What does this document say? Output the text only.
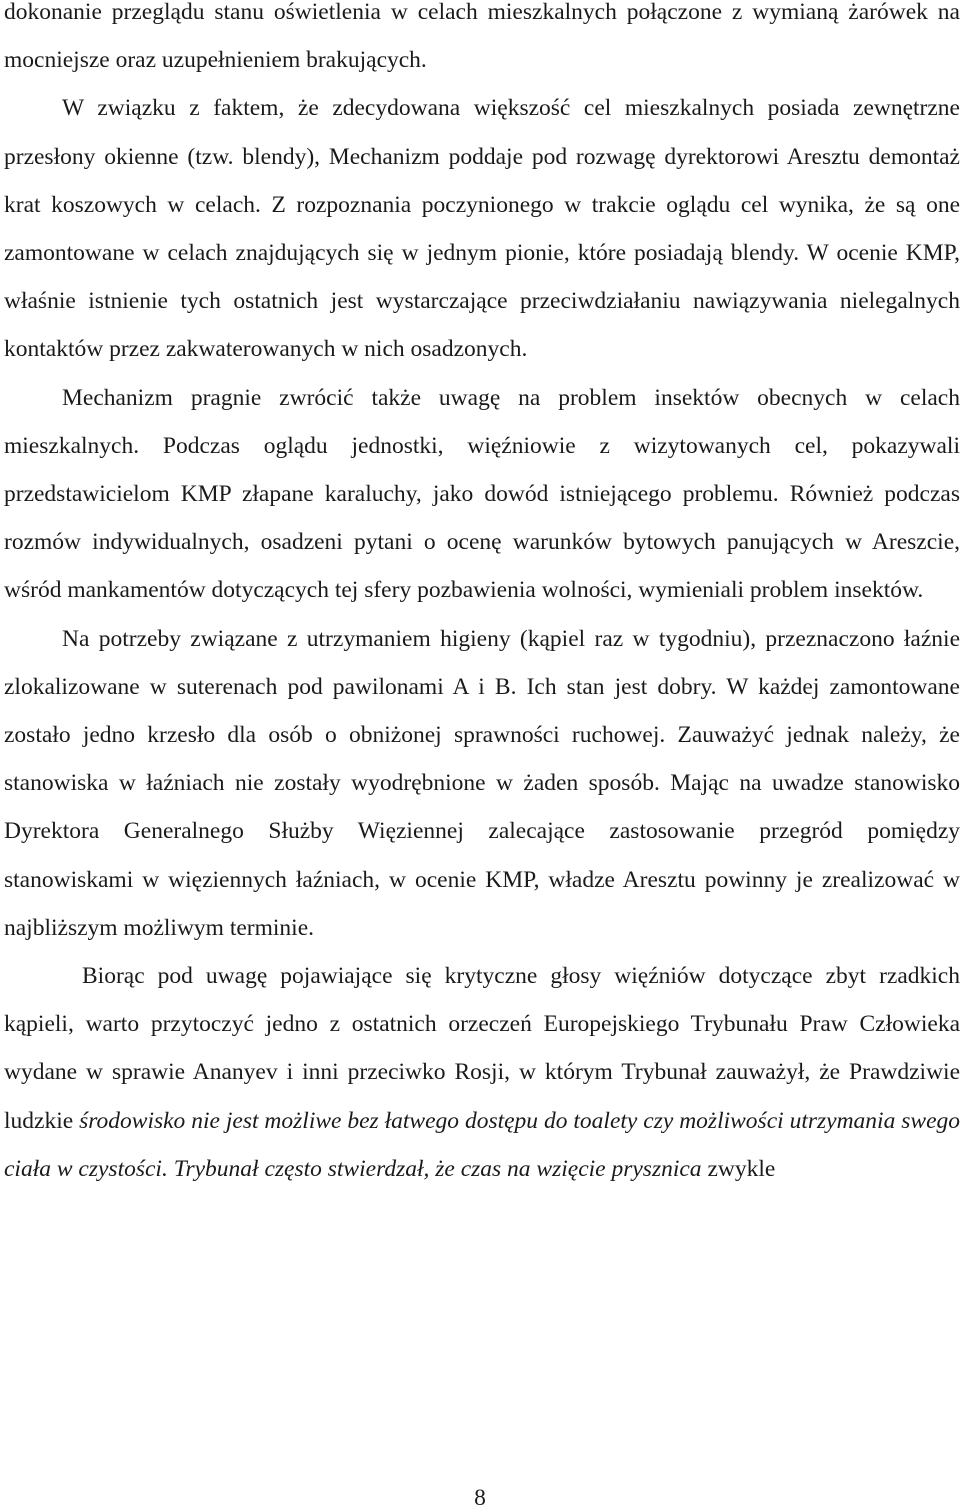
dokonanie przeglądu stanu oświetlenia w celach mieszkalnych połączone z wymianą żarówek na mocniejsze oraz uzupełnieniem brakujących.

W związku z faktem, że zdecydowana większość cel mieszkalnych posiada zewnętrzne przesłony okienne (tzw. blendy), Mechanizm poddaje pod rozwagę dyrektorowi Aresztu demontaż krat koszowych w celach. Z rozpoznania poczynionego w trakcie oglądu cel wynika, że są one zamontowane w celach znajdujących się w jednym pionie, które posiadają blendy. W ocenie KMP, właśnie istnienie tych ostatnich jest wystarczające przeciwdziałaniu nawiązywania nielegalnych kontaktów przez zakwaterowanych w nich osadzonych.

Mechanizm pragnie zwrócić także uwagę na problem insektów obecnych w celach mieszkalnych. Podczas oglądu jednostki, więźniowie z wizytowanych cel, pokazywali przedstawicielom KMP złapane karaluchy, jako dowód istniejącego problemu. Również podczas rozmów indywidualnych, osadzeni pytani o ocenę warunków bytowych panujących w Areszcie, wśród mankamentów dotyczących tej sfery pozbawienia wolności, wymieniali problem insektów.

Na potrzeby związane z utrzymaniem higieny (kąpiel raz w tygodniu), przeznaczono łaźnie zlokalizowane w suterenach pod pawilonami A i B. Ich stan jest dobry. W każdej zamontowane zostało jedno krzesło dla osób o obniżonej sprawności ruchowej. Zauważyć jednak należy, że stanowiska w łaźniach nie zostały wyodrębnione w żaden sposób. Mając na uwadze stanowisko Dyrektora Generalnego Służby Więziennej zalecające zastosowanie przegród pomiędzy stanowiskami w więziennych łaźniach, w ocenie KMP, władze Aresztu powinny je zrealizować w najbliższym możliwym terminie.

Biorąc pod uwagę pojawiające się krytyczne głosy więźniów dotyczące zbyt rzadkich kąpieli, warto przytoczyć jedno z ostatnich orzeczeń Europejskiego Trybunału Praw Człowieka wydane w sprawie Ananyev i inni przeciwko Rosji, w którym Trybunał zauważył, że Prawdziwie ludzkie środowisko nie jest możliwe bez łatwego dostępu do toalety czy możliwości utrzymania swego ciała w czystości. Trybunał często stwierdzał, że czas na wzięcie prysznica zwykle

8
